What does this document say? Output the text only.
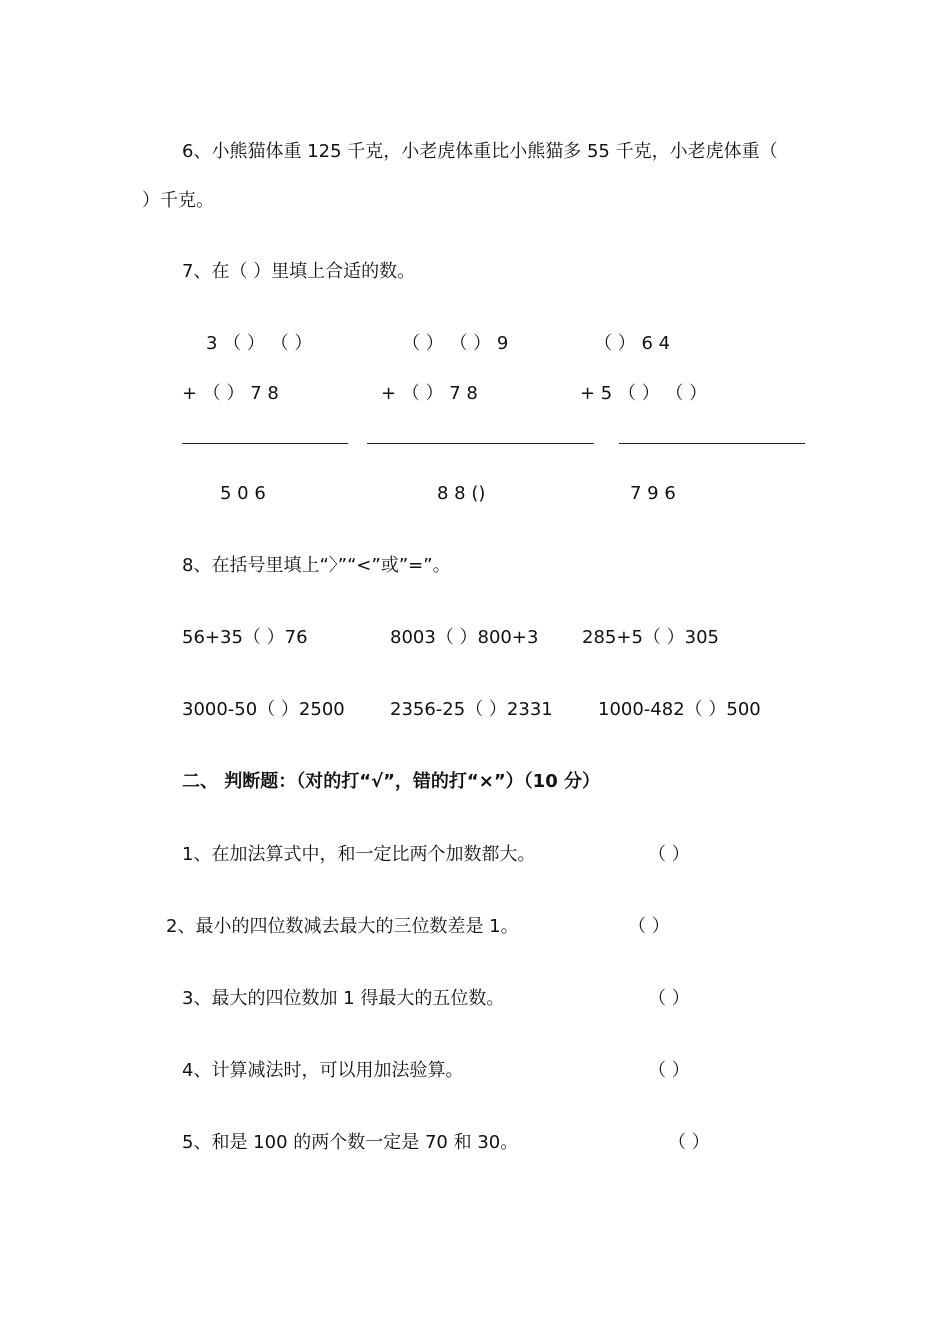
6、小熊猫体重 125 千克，小老虎体重比小熊猫多 55 千克，小老虎体重（
）千克。
7、在（ ）里填上合适的数。
3 （ ） （ ）
+ （ ） 7 8
5 0 6
（ ） （ ） 9
+ （ ） 7 8
8 8 ()
（ ） 6 4
+ 5 （ ） （ ）
7 9 6
8、在括号里填上“〉”“<”或”=”。
56+35（ ）76	8003（ ）800+3 285+5（ ）305
3000-50（ ）2500	2356-25（ ）2331	1000-482（ ）500
二、 判断题：（对的打“√”，错的打“×”）（10 分）
1、在加法算式中，和一定比两个加数都大。	（ ）
2、最小的四位数减去最大的三位数差是 1。	（ ）
3、最大的四位数加 1 得最大的五位数。	（ ）
4、计算减法时，可以用加法验算。	（ ）
5、和是 100 的两个数一定是 70 和 30。	（ ）
